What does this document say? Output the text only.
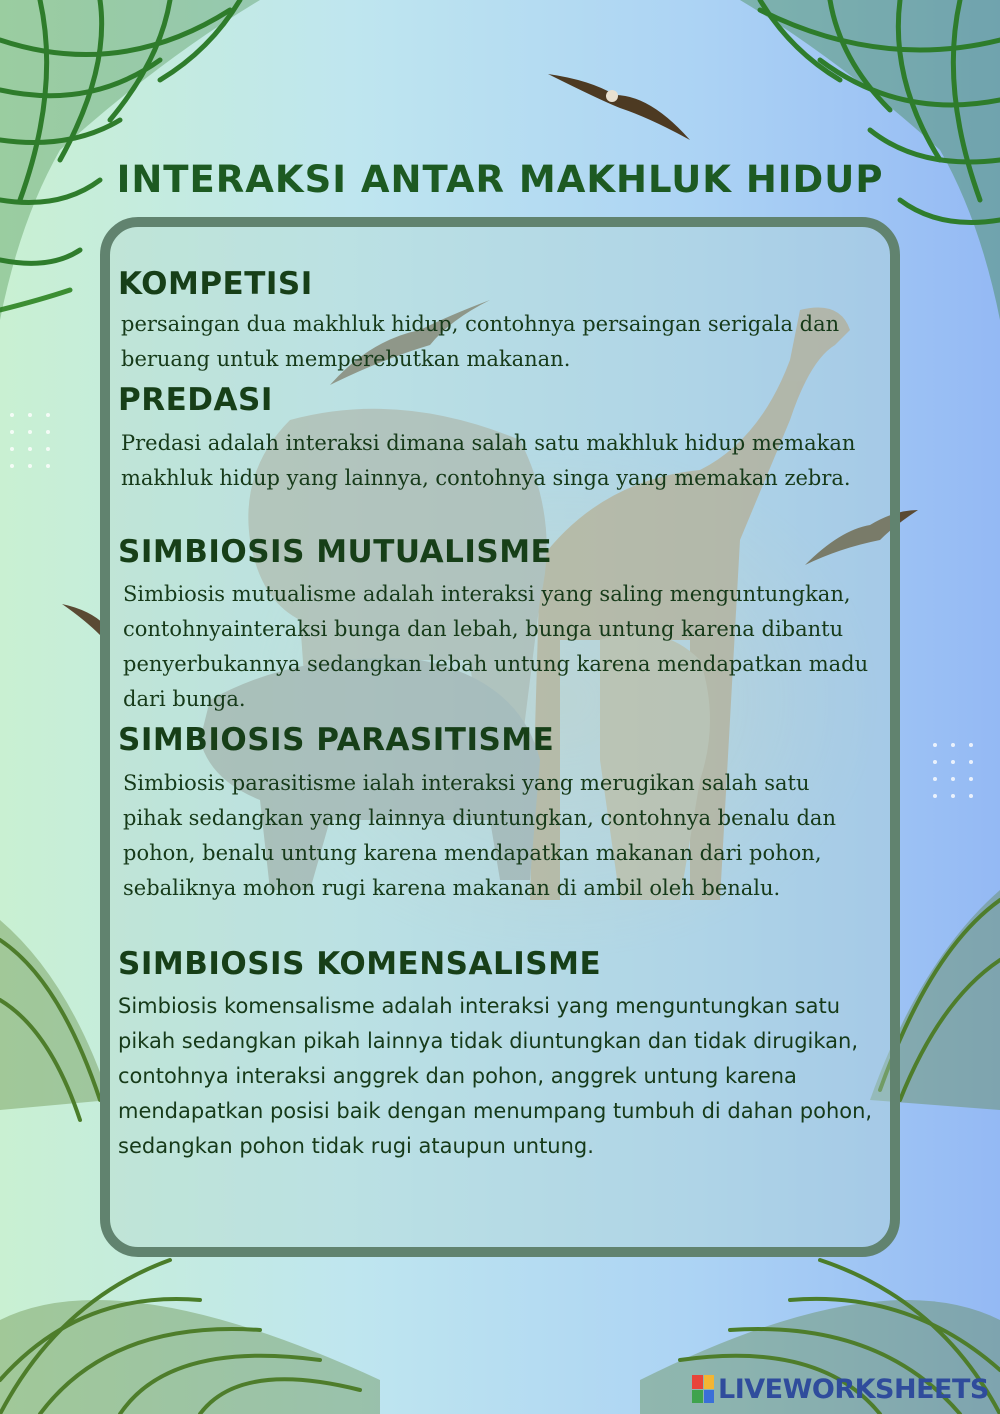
INTERAKSI ANTAR MAKHLUK HIDUP
KOMPETISI

persaingan dua makhluk hidup, contohnya persaingan serigala dan beruang untuk memperebutkan makanan.

PREDASI

Predasi adalah interaksi dimana salah satu makhluk hidup memakan makhluk hidup yang lainnya, contohnya singa yang memakan zebra.

SIMBIOSIS MUTUALISME

Simbiosis mutualisme adalah interaksi yang saling menguntungkan, contohnyainteraksi bunga dan lebah, bunga untung karena dibantu penyerbukannya sedangkan lebah untung karena mendapatkan madu dari bunga.

SIMBIOSIS PARASITISME

Simbiosis parasitisme ialah interaksi yang merugikan salah satu pihak sedangkan yang lainnya diuntungkan, contohnya benalu dan pohon, benalu untung karena mendapatkan makanan dari pohon, sebaliknya mohon rugi karena makanan di ambil oleh benalu.

SIMBIOSIS KOMENSALISME

Simbiosis komensalisme adalah interaksi yang menguntungkan satu pikah sedangkan pikah lainnya tidak diuntungkan dan tidak dirugikan, contohnya interaksi anggrek dan pohon, anggrek untung karena mendapatkan posisi baik dengan menumpang tumbuh di dahan pohon, sedangkan pohon tidak rugi ataupun untung.

LIVEWORKSHEETS
